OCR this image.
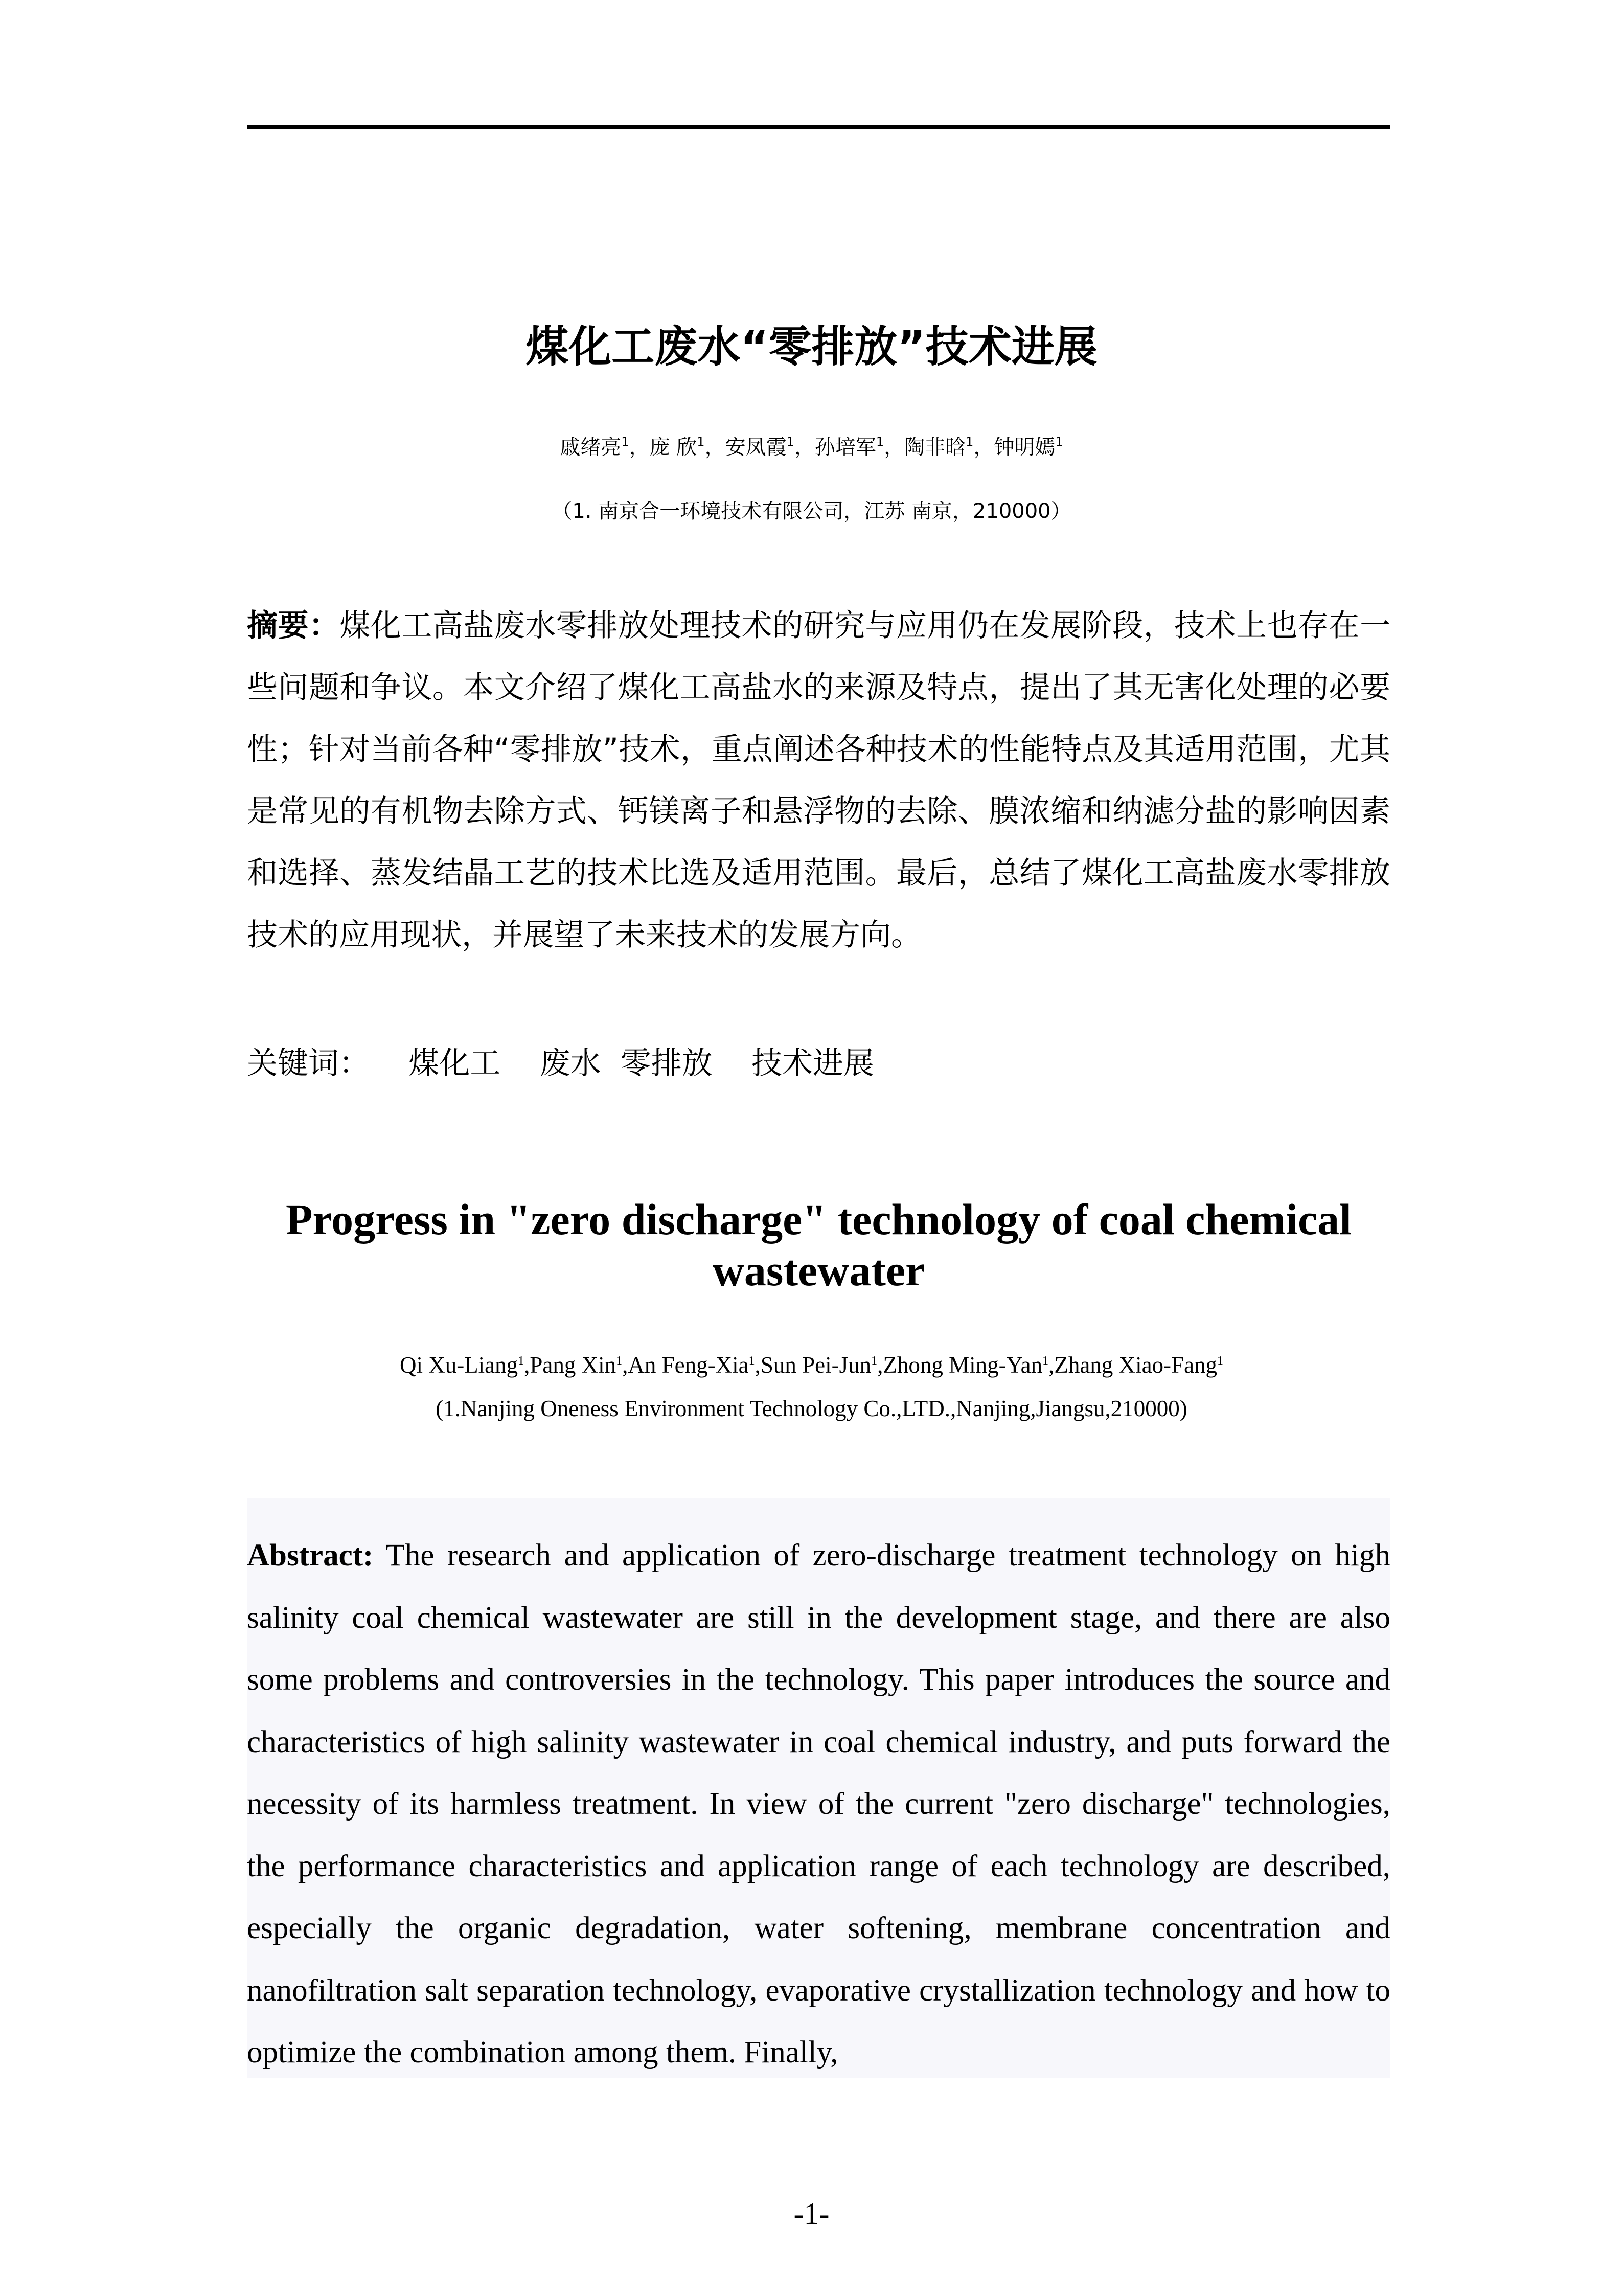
煤化工废水“零排放”技术进展
戚绪亮$^1$，庞 欣$^1$，安凤霞$^1$，孙培军$^1$，陶非晗$^1$，钟明嫣$^1$
（1. 南京合一环境技术有限公司，江苏 南京，210000）
摘要：煤化工高盐废水零排放处理技术的研究与应用仍在发展阶段，技术上也存在一些问题和争议。本文介绍了煤化工高盐水的来源及特点，提出了其无害化处理的必要性；针对当前各种“零排放”技术，重点阐述各种技术的性能特点及其适用范围，尤其是常见的有机物去除方式、钙镁离子和悬浮物的去除、膜浓缩和纳滤分盐的影响因素和选择、蒸发结晶工艺的技术比选及适用范围。最后，总结了煤化工高盐废水零排放技术的应用现状，并展望了未来技术的发展方向。
关键词：    煤化工    废水  零排放    技术进展
Progress in "zero discharge" technology of coal chemical wastewater
Qi Xu-Liang$^1$,Pang Xin$^1$,An Feng-Xia$^1$,Sun Pei-Jun$^1$,Zhong Ming-Yan$^1$,Zhang Xiao-Fang$^1$
(1.Nanjing Oneness Environment Technology Co.,LTD.,Nanjing,Jiangsu,210000)
Abstract: The research and application of zero-discharge treatment technology on high salinity coal chemical wastewater are still in the development stage, and there are also some problems and controversies in the technology. This paper introduces the source and characteristics of high salinity wastewater in coal chemical industry, and puts forward the necessity of its harmless treatment. In view of the current "zero discharge" technologies, the performance characteristics and application range of each technology are described, especially the organic degradation, water softening, membrane concentration and nanofiltration salt separation technology, evaporative crystallization technology and how to optimize the combination among them. Finally,
-1-
